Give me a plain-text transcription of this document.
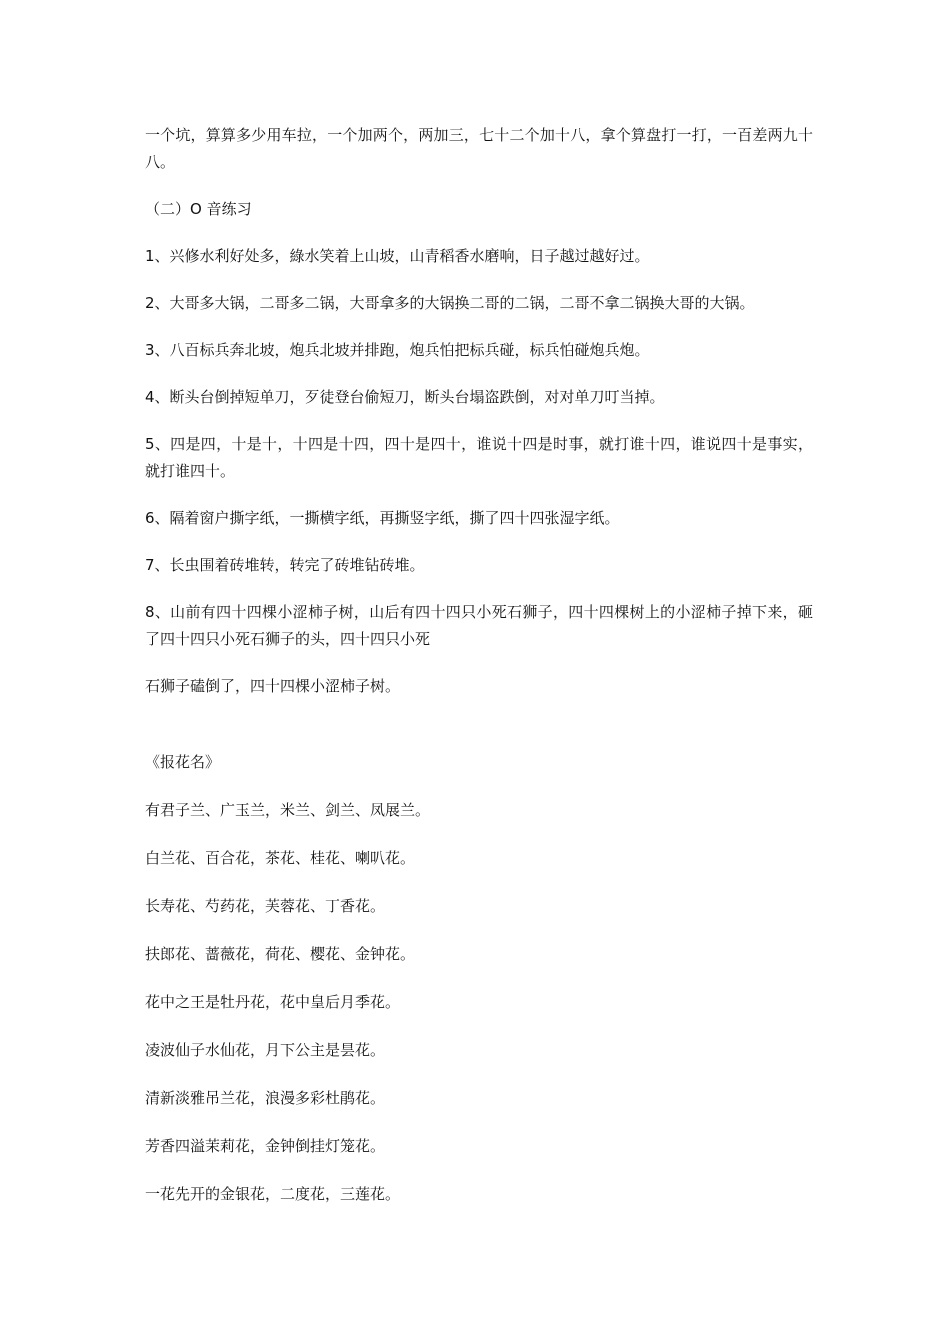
一个坑，算算多少用车拉，一个加两个，两加三，七十二个加十八，拿个算盘打一打，一百差两九十八。

（二）O 音练习

1、兴修水利好处多，綠水笑着上山坡，山青稻香水磨响，日子越过越好过。

2、大哥多大锅，二哥多二锅，大哥拿多的大锅换二哥的二锅，二哥不拿二锅换大哥的大锅。

3、八百标兵奔北坡，炮兵北坡并排跑，炮兵怕把标兵碰，标兵怕碰炮兵炮。

4、断头台倒掉短单刀，歹徒登台偷短刀，断头台塌盗跌倒，对对单刀叮当掉。

5、四是四，十是十，十四是十四，四十是四十，谁说十四是时事，就打谁十四，谁说四十是事实，就打谁四十。

6、隔着窗户撕字纸，一撕横字纸，再撕竖字纸，撕了四十四张湿字纸。

7、长虫围着砖堆转，转完了砖堆钻砖堆。

8、山前有四十四棵小涩柿子树，山后有四十四只小死石狮子，四十四棵树上的小涩柿子掉下来，砸了四十四只小死石狮子的头，四十四只小死

石狮子磕倒了，四十四棵小涩柿子树。

《报花名》

有君子兰、广玉兰，米兰、剑兰、凤展兰。

白兰花、百合花，茶花、桂花、喇叭花。

长寿花、芍药花，芙蓉花、丁香花。

扶郎花、蔷薇花，荷花、樱花、金钟花。

花中之王是牡丹花，花中皇后月季花。

凌波仙子水仙花，月下公主是昙花。

清新淡雅吊兰花，浪漫多彩杜鹃花。

芳香四溢茉莉花，金钟倒挂灯笼花。

一花先开的金银花，二度花，三莲花。
